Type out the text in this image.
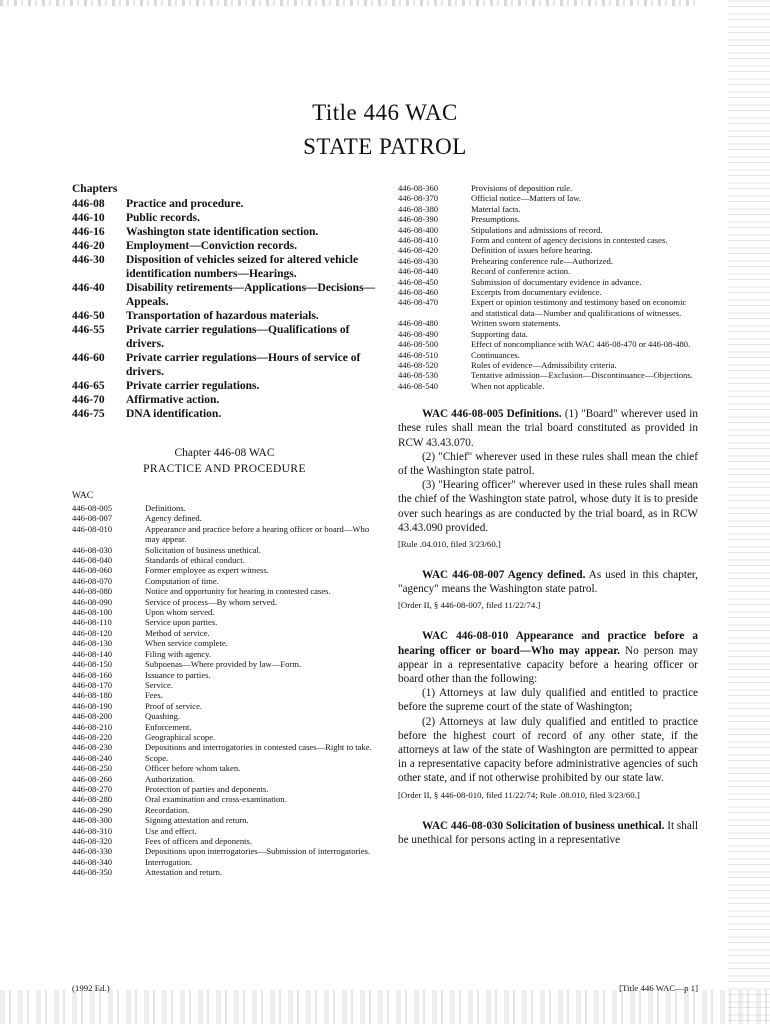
Title 446 WAC
STATE PATROL
Chapters
446-08	Practice and procedure.
446-10	Public records.
446-16	Washington state identification section.
446-20	Employment—Conviction records.
446-30	Disposition of vehicles seized for altered vehicle identification numbers—Hearings.
446-40	Disability retirements—Applications—Decisions—Appeals.
446-50	Transportation of hazardous materials.
446-55	Private carrier regulations—Qualifications of drivers.
446-60	Private carrier regulations—Hours of service of drivers.
446-65	Private carrier regulations.
446-70	Affirmative action.
446-75	DNA identification.
Chapter 446-08 WAC
PRACTICE AND PROCEDURE
WAC
446-08-005	Definitions.
446-08-007	Agency defined.
446-08-010	Appearance and practice before a hearing officer or board—Who may appear.
446-08-030	Solicitation of business unethical.
446-08-040	Standards of ethical conduct.
446-08-060	Former employee as expert witness.
446-08-070	Computation of time.
446-08-080	Notice and opportunity for hearing in contested cases.
446-08-090	Service of process—By whom served.
446-08-100	Upon whom served.
446-08-110	Service upon parties.
446-08-120	Method of service.
446-08-130	When service complete.
446-08-140	Filing with agency.
446-08-150	Subpoenas—Where provided by law—Form.
446-08-160	Issuance to parties.
446-08-170	Service.
446-08-180	Fees.
446-08-190	Proof of service.
446-08-200	Quashing.
446-08-210	Enforcement.
446-08-220	Geographical scope.
446-08-230	Depositions and interrogatories in contested cases—Right to take.
446-08-240	Scope.
446-08-250	Officer before whom taken.
446-08-260	Authorization.
446-08-270	Protection of parties and deponents.
446-08-280	Oral examination and cross-examination.
446-08-290	Recordation.
446-08-300	Signing attestation and return.
446-08-310	Use and effect.
446-08-320	Fees of officers and deponents.
446-08-330	Depositions upon interrogatories—Submission of interrogatories.
446-08-340	Interrogation.
446-08-350	Attestation and return.
446-08-360	Provisions of deposition rule.
446-08-370	Official notice—Matters of law.
446-08-380	Material facts.
446-08-390	Presumptions.
446-08-400	Stipulations and admissions of record.
446-08-410	Form and content of agency decisions in contested cases.
446-08-420	Definition of issues before hearing.
446-08-430	Prehearing conference rule—Authorized.
446-08-440	Record of conference action.
446-08-450	Submission of documentary evidence in advance.
446-08-460	Excerpts from documentary evidence.
446-08-470	Expert or opinion testimony and testimony based on economic and statistical data—Number and qualifications of witnesses.
446-08-480	Written sworn statements.
446-08-490	Supporting data.
446-08-500	Effect of noncompliance with WAC 446-08-470 or 446-08-480.
446-08-510	Continuances.
446-08-520	Rules of evidence—Admissibility criteria.
446-08-530	Tentative admission—Exclusion—Discontinuance—Objections.
446-08-540	When not applicable.
WAC 446-08-005 Definitions. (1) "Board" wherever used in these rules shall mean the trial board constituted as provided in RCW 43.43.070.
(2) "Chief" wherever used in these rules shall mean the chief of the Washington state patrol.
(3) "Hearing officer" wherever used in these rules shall mean the chief of the Washington state patrol, whose duty it is to preside over such hearings as are conducted by the trial board, as in RCW 43.43.090 provided.
[Rule .04.010, filed 3/23/60.]
WAC 446-08-007 Agency defined. As used in this chapter, "agency" means the Washington state patrol.
[Order II, § 446-08-007, filed 11/22/74.]
WAC 446-08-010 Appearance and practice before a hearing officer or board—Who may appear. No person may appear in a representative capacity before a hearing officer or board other than the following:
(1) Attorneys at law duly qualified and entitled to practice before the supreme court of the state of Washington;
(2) Attorneys at law duly qualified and entitled to practice before the highest court of record of any other state, if the attorneys at law of the state of Washington are permitted to appear in a representative capacity before administrative agencies of such other state, and if not otherwise prohibited by our state law.
[Order II, § 446-08-010, filed 11/22/74; Rule .08.010, filed 3/23/60.]
WAC 446-08-030 Solicitation of business unethical. It shall be unethical for persons acting in a representative
(1992 Ed.)	[Title 446 WAC—p 1]
